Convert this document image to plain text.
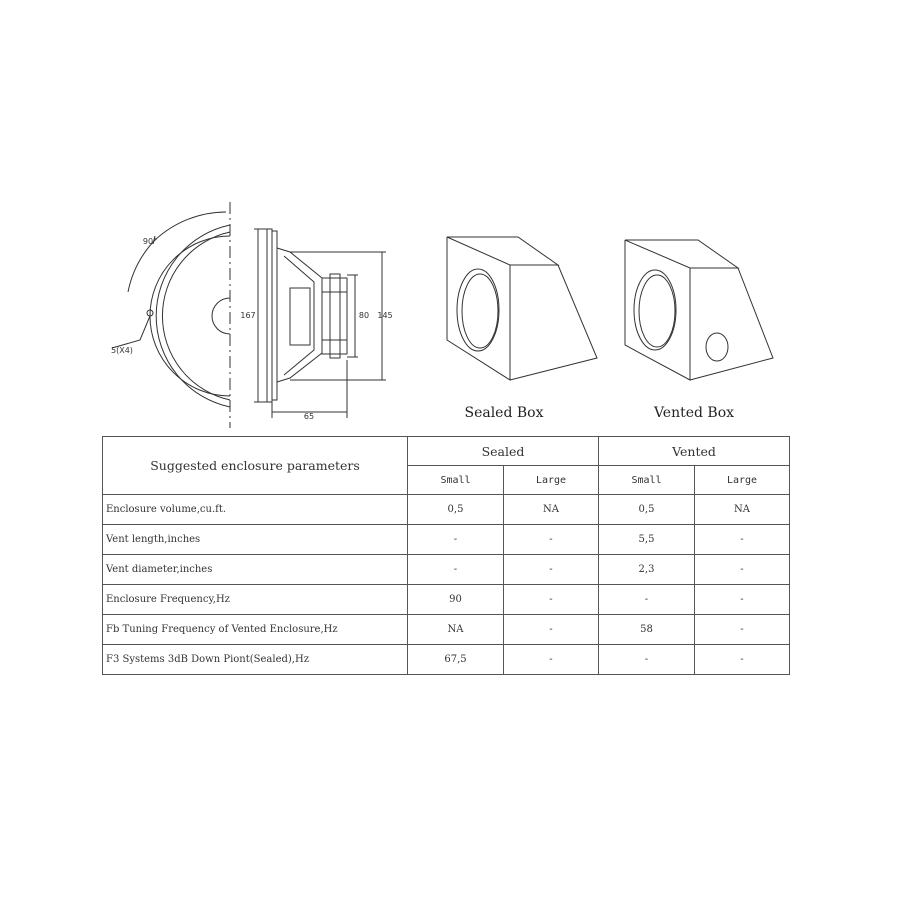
90°
5(X4)
167	80 145
65	Sealed Box	Vented Box
Suggested enclosure parameters	Sealed		Vented	
	Small	Large	Small	Large
Enclosure volume,cu.ft.	0,5	NA	0,5	NA
Vent length,inches	-	-	5,5	-
Vent diameter,inches	-	-	2,3	-
Enclosure Frequency,Hz	90	-	-	-
Fb Tuning Frequency of Vented Enclosure,Hz	NA	-	58	-
F3 Systems 3dB Down Piont(Sealed),Hz	67,5	-	-	-
